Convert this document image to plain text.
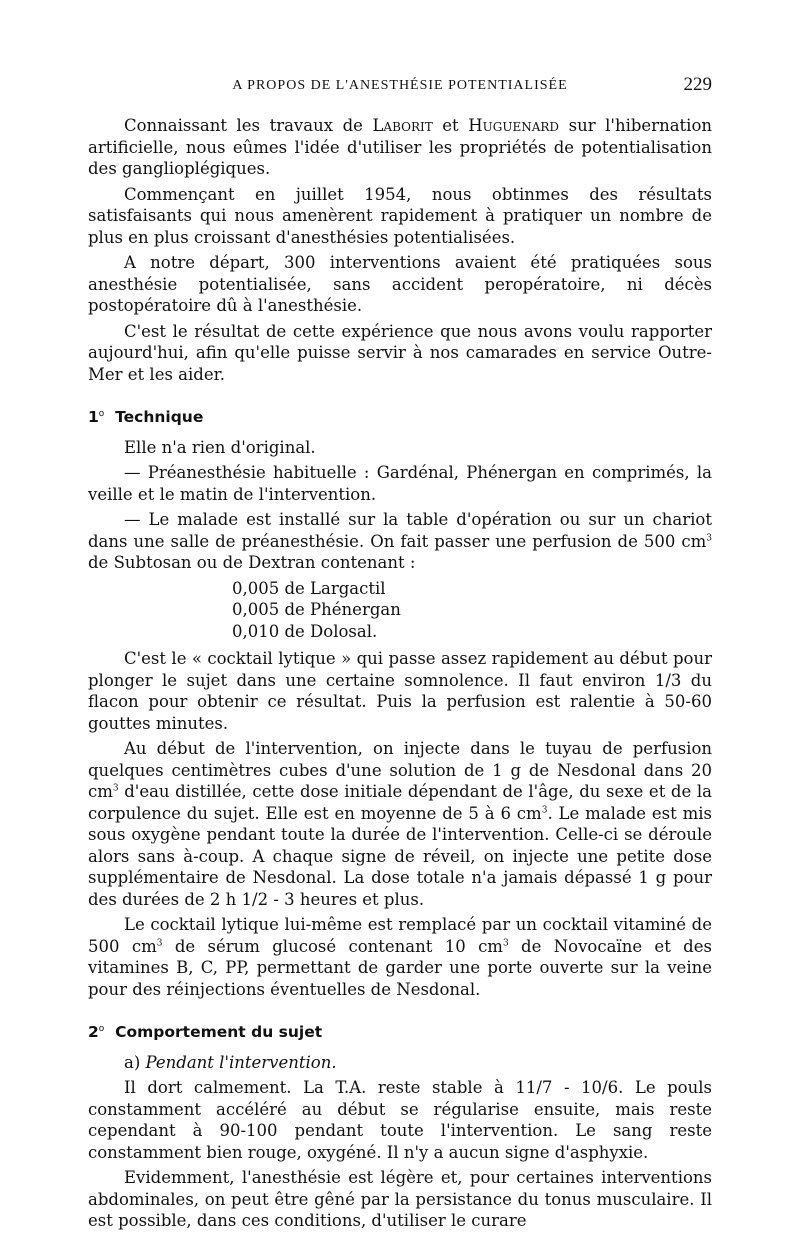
A PROPOS DE L'ANESTHÉSIE POTENTIALISÉE	229

Connaissant les travaux de Laborit et Huguenard sur l'hibernation artificielle, nous eûmes l'idée d'utiliser les propriétés de potentialisation des ganglioplégiques.

Commençant en juillet 1954, nous obtinmes des résultats satisfaisants qui nous amenèrent rapidement à pratiquer un nombre de plus en plus croissant d'anesthésies potentialisées.

A notre départ, 300 interventions avaient été pratiquées sous anesthésie potentialisée, sans accident peropératoire, ni décès postopératoire dû à l'anesthésie.

C'est le résultat de cette expérience que nous avons voulu rapporter aujourd'hui, afin qu'elle puisse servir à nos camarades en service Outre-Mer et les aider.

1$^o$ Technique

Elle n'a rien d'original.

— Préanesthésie habituelle : Gardénal, Phénergan en comprimés, la veille et le matin de l'intervention.

— Le malade est installé sur la table d'opération ou sur un chariot dans une salle de préanesthésie. On fait passer une perfusion de 500 $cm^3$ de Subtosan ou de Dextran contenant :

0,005 de Largactil
0,005 de Phénergan
0,010 de Dolosal.

C'est le « cocktail lytique » qui passe assez rapidement au début pour plonger le sujet dans une certaine somnolence. Il faut environ 1/3 du flacon pour obtenir ce résultat. Puis la perfusion est ralentie à 50-60 gouttes minutes.

Au début de l'intervention, on injecte dans le tuyau de perfusion quelques centimètres cubes d'une solution de 1 g de Nesdonal dans 20 $cm^3$ d'eau distillée, cette dose initiale dépendant de l'âge, du sexe et de la corpulence du sujet. Elle est en moyenne de 5 à 6 $cm^3$. Le malade est mis sous oxygène pendant toute la durée de l'intervention. Celle-ci se déroule alors sans à-coup. A chaque signe de réveil, on injecte une petite dose supplémentaire de Nesdonal. La dose totale n'a jamais dépassé 1 g pour des durées de 2 h 1/2 - 3 heures et plus.

Le cocktail lytique lui-même est remplacé par un cocktail vitaminé de 500 $cm^3$ de sérum glucosé contenant 10 $cm^3$ de Novocaïne et des vitamines B, C, PP, permettant de garder une porte ouverte sur la veine pour des réinjections éventuelles de Nesdonal.

2$^o$ Comportement du sujet

a) Pendant l'intervention.

Il dort calmement. La T.A. reste stable à 11/7 - 10/6. Le pouls constamment accéléré au début se régularise ensuite, mais reste cependant à 90-100 pendant toute l'intervention. Le sang reste constamment bien rouge, oxygéné. Il n'y a aucun signe d'asphyxie.

Evidemment, l'anesthésie est légère et, pour certaines interventions abdominales, on peut être gêné par la persistance du tonus musculaire. Il est possible, dans ces conditions, d'utiliser le curare
